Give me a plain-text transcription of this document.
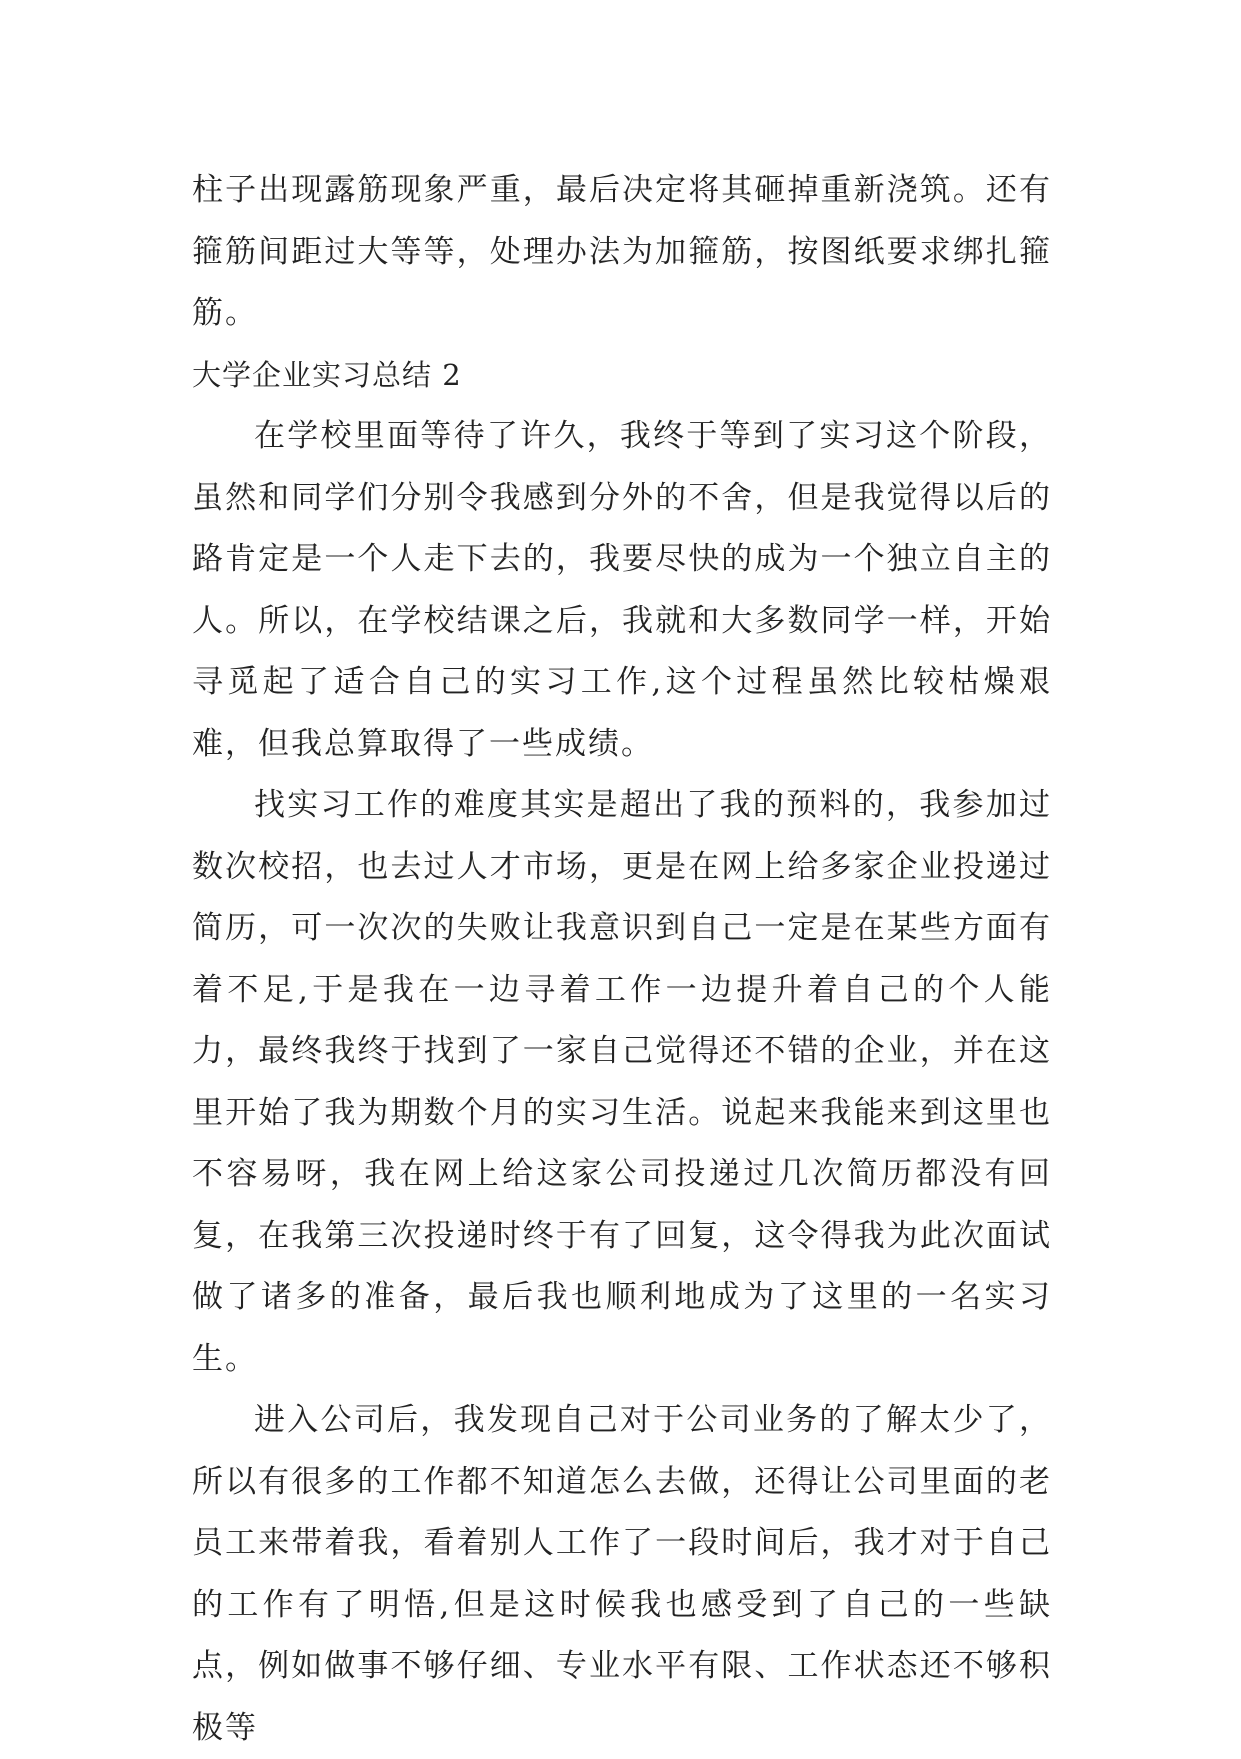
柱子出现露筋现象严重，最后决定将其砸掉重新浇筑。还有箍筋间距过大等等，处理办法为加箍筋，按图纸要求绑扎箍筋。

大学企业实习总结 2

在学校里面等待了许久，我终于等到了实习这个阶段，虽然和同学们分别令我感到分外的不舍，但是我觉得以后的路肯定是一个人走下去的，我要尽快的成为一个独立自主的人。所以，在学校结课之后，我就和大多数同学一样，开始寻觅起了适合自己的实习工作,这个过程虽然比较枯燥艰难，但我总算取得了一些成绩。

找实习工作的难度其实是超出了我的预料的，我参加过数次校招，也去过人才市场，更是在网上给多家企业投递过简历，可一次次的失败让我意识到自己一定是在某些方面有着不足,于是我在一边寻着工作一边提升着自己的个人能力，最终我终于找到了一家自己觉得还不错的企业，并在这里开始了我为期数个月的实习生活。说起来我能来到这里也不容易呀，我在网上给这家公司投递过几次简历都没有回复，在我第三次投递时终于有了回复，这令得我为此次面试做了诸多的准备，最后我也顺利地成为了这里的一名实习生。

进入公司后，我发现自己对于公司业务的了解太少了，所以有很多的工作都不知道怎么去做，还得让公司里面的老员工来带着我，看着别人工作了一段时间后，我才对于自己的工作有了明悟,但是这时候我也感受到了自己的一些缺点，例如做事不够仔细、专业水平有限、工作状态还不够积极等
